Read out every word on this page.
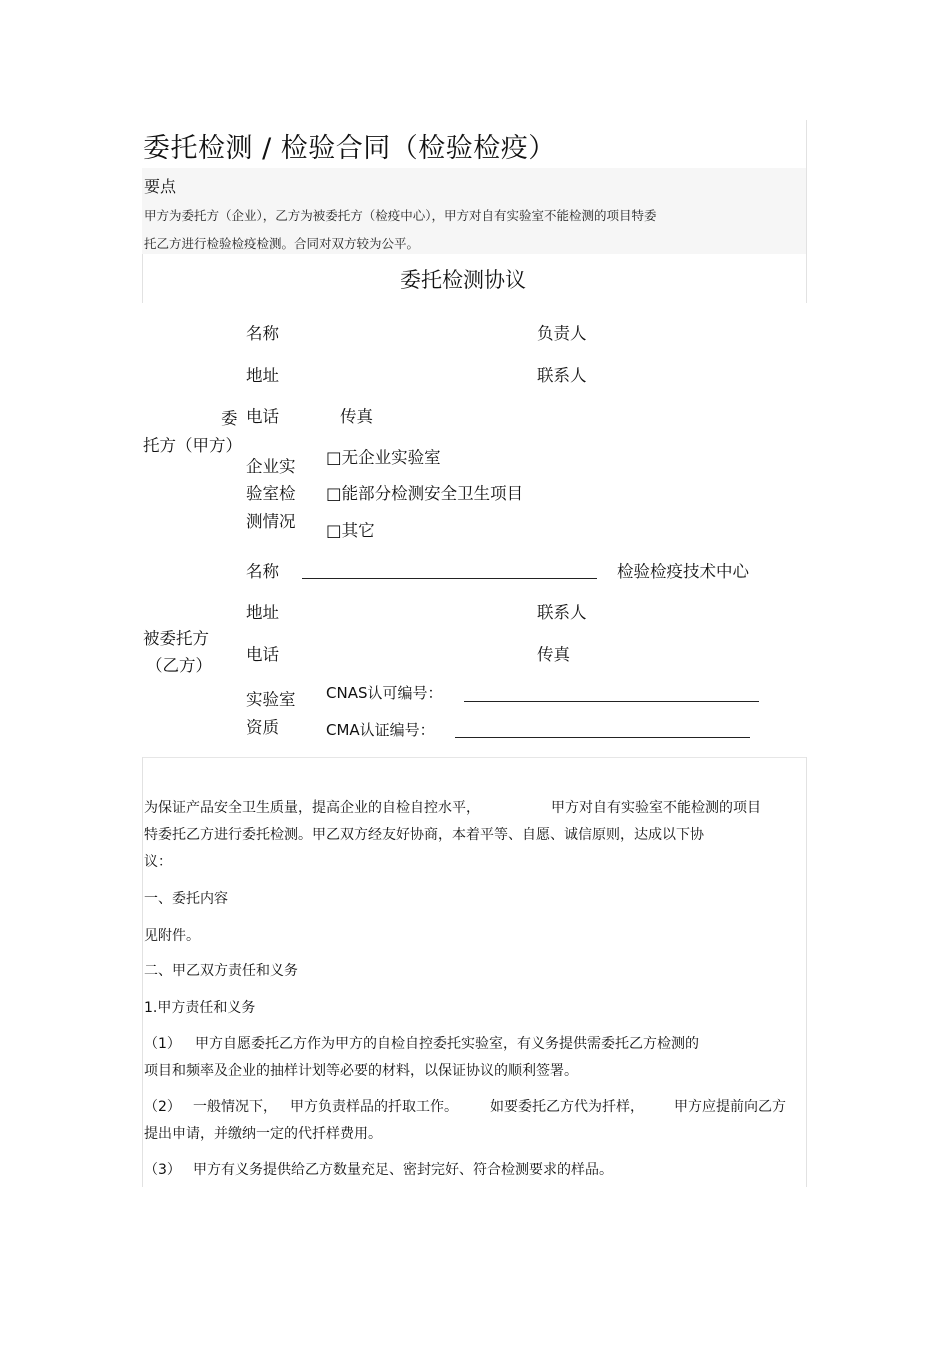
委托检测 / 检验合同（检验检疫）
要点
甲方为委托方（企业），乙方为被委托方（检疫中心），甲方对自有实验室不能检测的项目特委
托乙方进行检验检疫检测。合同对双方较为公平。
委托检测协议
委
托方（甲方）
名称	负责人
地址	联系人
电话	传真
企业实
验室检
测情况
□无企业实验室
□能部分检测安全卫生项目
□其它
被委托方
（乙方）
名称	检验检疫技术中心
地址	联系人
电话	传真
实验室
资质
CNAS认可编号：
CMA认证编号：
为保证产品安全卫生质量，提高企业的自检自控水平，	甲方对自有实验室不能检测的项目
特委托乙方进行委托检测。甲乙双方经友好协商，本着平等、自愿、诚信原则，达成以下协
议：
一、委托内容
见附件。
二、甲乙双方责任和义务
1.甲方责任和义务
（1） 甲方自愿委托乙方作为甲方的自检自控委托实验室，有义务提供需委托乙方检测的
项目和频率及企业的抽样计划等必要的材料，以保证协议的顺利签署。
（2） 一般情况下， 甲方负责样品的扦取工作。 如要委托乙方代为扦样， 甲方应提前向乙方
提出申请，并缴纳一定的代扦样费用。
（3） 甲方有义务提供给乙方数量充足、密封完好、符合检测要求的样品。
